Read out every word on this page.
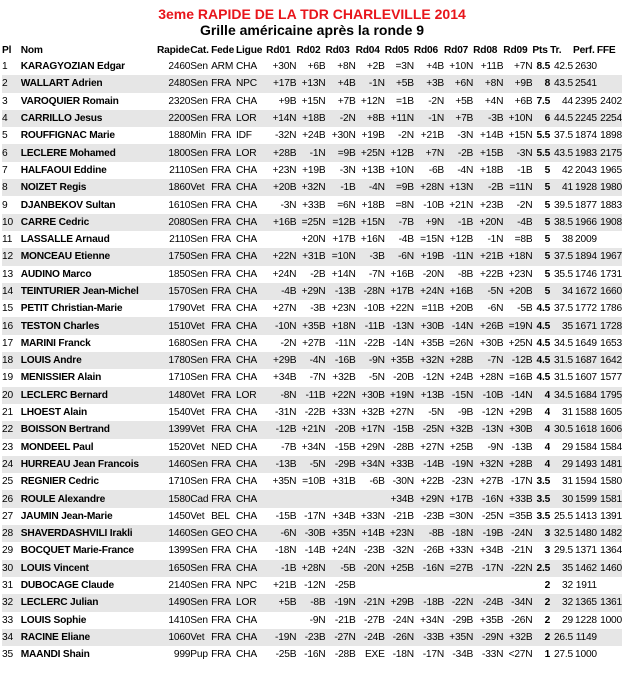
3eme RAPIDE DE LA TDR CHARLEVILLE 2014
Grille américaine après la ronde 9
Pl	Nom	Rapide	Cat.	Fede	Ligue	Rd01	Rd02	Rd03	Rd04	Rd05	Rd06	Rd07	Rd08	Rd09	Pts	Tr.	Perf.	FFE
1	KARAGYOZIAN Edgar	2460	Sen	ARM	CHA	+30N	+6B	+8N	+2B	=3N	+4B	+10N	+11B	+7N	8.5	42.5	2630	
2	WALLART Adrien	2480	Sen	FRA	NPC	+17B	+13N	+4B	-1N	+5B	+3B	+6N	+8N	+9B	8	43.5	2541	
3	VAROQUIER Romain	2320	Sen	FRA	CHA	+9B	+15N	+7B	+12N	=1B	-2N	+5B	+4N	+6B	7.5	44	2395	2402
4	CARRILLO Jesus	2200	Sen	FRA	LOR	+14N	+18B	-2N	+8B	+11N	-1N	+7B	-3B	+10N	6	44.5	2245	2254
5	ROUFFIGNAC Marie	1880	Min	FRA	IDF	-32N	+24B	+30N	+19B	-2N	+21B	-3N	+14B	+15N	5.5	37.5	1874	1898
6	LECLERE Mohamed	1800	Sen	FRA	LOR	+28B	-1N	=9B	+25N	+12B	+7N	-2B	+15B	-3N	5.5	43.5	1983	2175
7	HALFAOUI Eddine	2110	Sen	FRA	CHA	+23N	+19B	-3N	+13B	+10N	-6B	-4N	+18B	-1B	5	42	2043	1965
8	NOIZET Regis	1860	Vet	FRA	CHA	+20B	+32N	-1B	-4N	=9B	+28N	+13N	-2B	=11N	5	41	1928	1980
9	DJANBEKOV Sultan	1610	Sen	FRA	CHA	-3N	+33B	=6N	+18B	=8N	-10B	+21N	+23B	-2N	5	39.5	1877	1883
10	CARRE Cedric	2080	Sen	FRA	CHA	+16B	=25N	=12B	+15N	-7B	+9N	-1B	+20N	-4B	5	38.5	1966	1908
11	LASSALLE Arnaud	2110	Sen	FRA	CHA		+20N	+17B	+16N	-4B	=15N	+12B	-1N	=8B	5	38	2009	
12	MONCEAU Etienne	1750	Sen	FRA	CHA	+22N	+31B	=10N	-3B	-6N	+19B	-11N	+21B	+18N	5	37.5	1894	1967
13	AUDINO Marco	1850	Sen	FRA	CHA	+24N	-2B	+14N	-7N	+16B	-20N	-8B	+22B	+23N	5	35.5	1746	1731
14	TEINTURIER Jean-Michel	1570	Sen	FRA	CHA	-4B	+29N	-13B	-28N	+17B	+24N	+16B	-5N	+20B	5	34	1672	1660
15	PETIT Christian-Marie	1790	Vet	FRA	CHA	+27N	-3B	+23N	-10B	+22N	=11B	+20B	-6N	-5B	4.5	37.5	1772	1786
16	TESTON Charles	1510	Vet	FRA	CHA	-10N	+35B	+18N	-11B	-13N	+30B	-14N	+26B	=19N	4.5	35	1671	1728
17	MARINI Franck	1680	Sen	FRA	CHA	-2N	+27B	-11N	-22B	-14N	+35B	=26N	+30B	+25N	4.5	34.5	1649	1653
18	LOUIS Andre	1780	Sen	FRA	CHA	+29B	-4N	-16B	-9N	+35B	+32N	+28B	-7N	-12B	4.5	31.5	1687	1642
19	MENISSIER Alain	1710	Sen	FRA	CHA	+34B	-7N	+32B	-5N	-20B	-12N	+24B	+28N	=16B	4.5	31.5	1607	1577
20	LECLERC Bernard	1480	Vet	FRA	LOR	-8N	-11B	+22N	+30B	+19N	+13B	-15N	-10B	-14N	4	34.5	1684	1795
21	LHOEST Alain	1540	Vet	FRA	CHA	-31N	-22B	+33N	+32B	+27N	-5N	-9B	-12N	+29B	4	31	1588	1605
22	BOISSON Bertrand	1399	Vet	FRA	CHA	-12B	+21N	-20B	+17N	-15B	-25N	+32B	-13N	+30B	4	30.5	1618	1606
23	MONDEEL Paul	1520	Vet	NED	CHA	-7B	+34N	-15B	+29N	-28B	+27N	+25B	-9N	-13B	4	29	1584	1584
24	HURREAU Jean Francois	1460	Sen	FRA	CHA	-13B	-5N	-29B	+34N	+33B	-14B	-19N	+32N	+28B	4	29	1493	1481
25	REGNIER Cedric	1710	Sen	FRA	CHA	+35N	=10B	+31B	-6B	-30N	+22B	-23N	+27B	-17N	3.5	31	1594	1580
26	ROULE Alexandre	1580	Cad	FRA	CHA					+34B	+29N	+17B	-16N	+33B	3.5	30	1599	1581
27	JAUMIN Jean-Marie	1450	Vet	BEL	CHA	-15B	-17N	+34B	+33N	-21B	-23B	=30N	-25N	=35B	3.5	25.5	1413	1391
28	SHAVERDASHVILI Irakli	1460	Sen	GEO	CHA	-6N	-30B	+35N	+14B	+23N	-8B	-18N	-19B	-24N	3	32.5	1480	1482
29	BOCQUET Marie-France	1399	Sen	FRA	CHA	-18N	-14B	+24N	-23B	-32N	-26B	+33N	+34B	-21N	3	29.5	1371	1364
30	LOUIS Vincent	1650	Sen	FRA	CHA	-1B	+28N	-5B	-20N	+25B	-16N	=27B	-17N	-22N	2.5	35	1462	1460
31	DUBOCAGE Claude	2140	Sen	FRA	NPC	+21B	-12N	-25B							2	32	1911	
32	LECLERC Julian	1490	Sen	FRA	LOR	+5B	-8B	-19N	-21N	+29B	-18B	-22N	-24B	-34N	2	32	1365	1361
33	LOUIS Sophie	1410	Sen	FRA	CHA		-9N	-21B	-27B	-24N	+34N	-29B	+35B	-26N	2	29	1228	1000
34	RACINE Eliane	1060	Vet	FRA	CHA	-19N	-23B	-27N	-24B	-26N	-33B	+35N	-29N	+32B	2	26.5	1149	
35	MAANDI Shain	999	Pup	FRA	CHA	-25B	-16N	-28B	EXE	-18N	-17N	-34B	-33N	<27N	1	27.5	1000	
